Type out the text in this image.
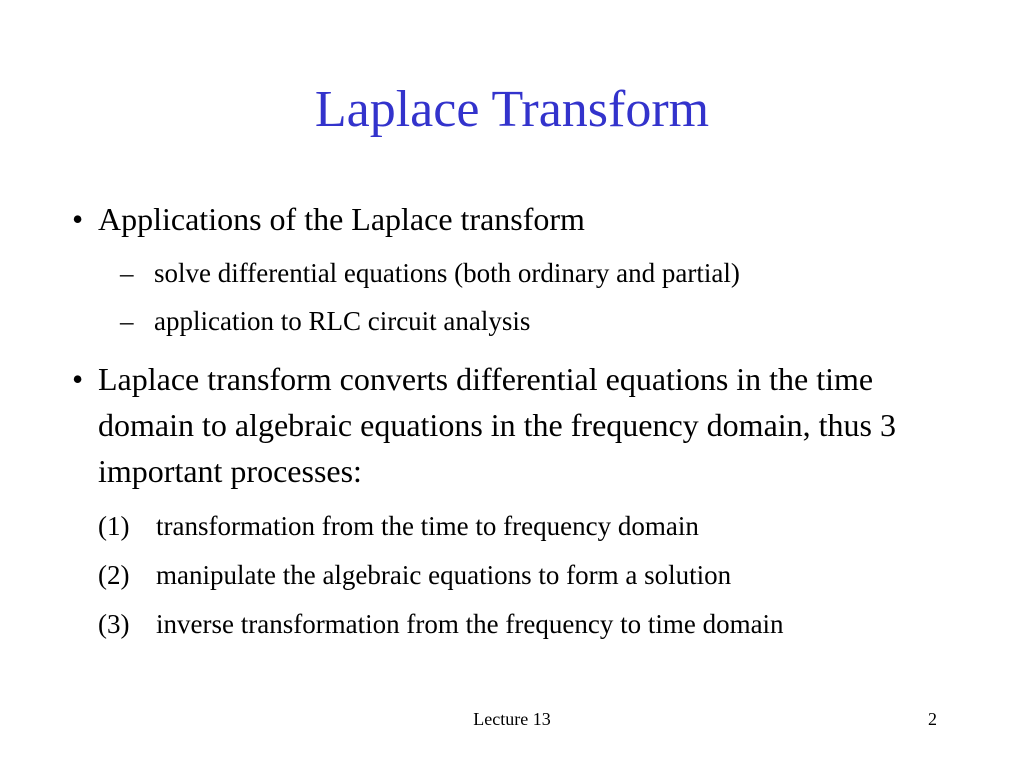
Laplace Transform
• Applications of the Laplace transform
– solve differential equations (both ordinary and partial)
– application to RLC circuit analysis
• Laplace transform converts differential equations in the time domain to algebraic equations in the frequency domain, thus 3 important processes:
(1) transformation from the time to frequency domain
(2) manipulate the algebraic equations to form a solution
(3) inverse transformation from the frequency to time domain
Lecture 13	2
